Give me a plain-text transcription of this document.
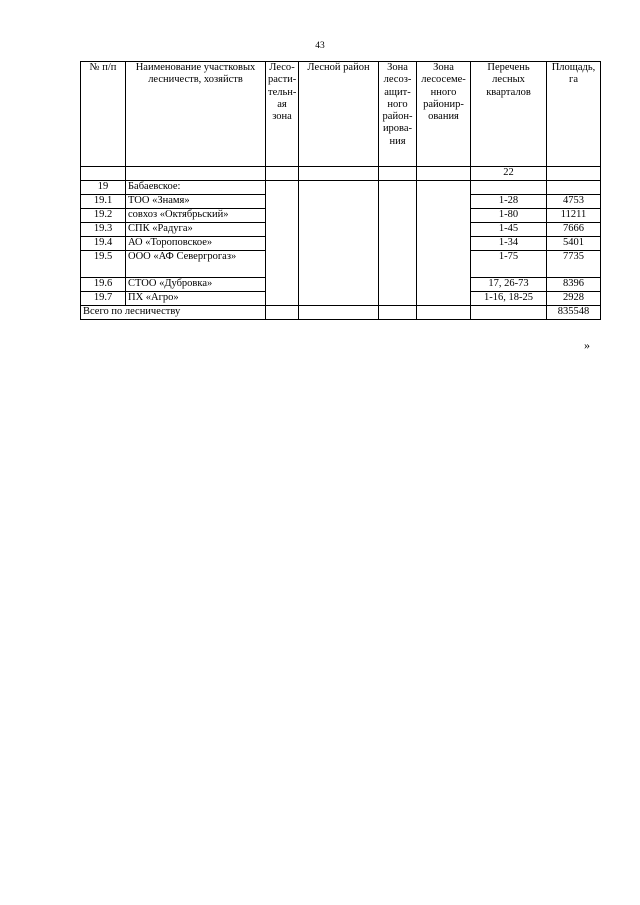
43
№ п/п	Наименование участковых лесничеств, хозяйств	Лесорастительная зона	Лесной район	Зона лесозащитного районирования	Зона лесосеменного районирования	Перечень лесных кварталов	Площадь, га
						22	
19	Бабаевское:						
19.1	ТОО «Знамя»					1-28	4753
19.2	совхоз «Октябрьский»					1-80	11211
19.3	СПК «Радуга»					1-45	7666
19.4	АО «Тороповское»					1-34	5401
19.5	ООО «АФ Севергрогаз»					1-75	7735
19.6	СТОО «Дубровка»					17, 26-73	8396
19.7	ПХ «Агро»					1-16, 18-25	2928
Всего по лесничеству							835548
»
